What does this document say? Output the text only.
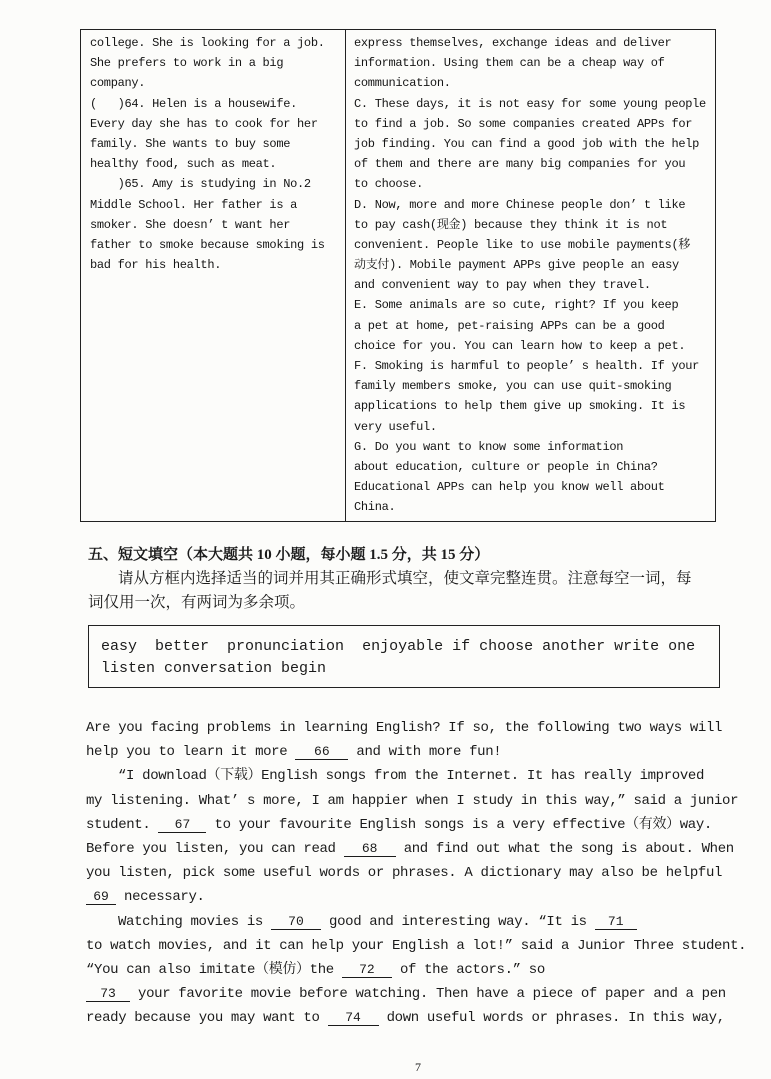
college. She is looking for a job.
She prefers to work in a big
company.
(   )64. Helen is a housewife.
Every day she has to cook for her
family. She wants to buy some
healthy food, such as meat.
)65. Amy is studying in No.2
Middle School. Her father is a
smoker. She doesn’ t want her
father to smoke because smoking is
bad for his health.
express themselves, exchange ideas and deliver
information. Using them can be a cheap way of
communication.
C. These days, it is not easy for some young people
to find a job. So some companies created APPs for
job finding. You can find a good job with the help
of them and there are many big companies for you
to choose.
D. Now, more and more Chinese people don’ t like
to pay cash(现金) because they think it is not
convenient. People like to use mobile payments(移
动支付). Mobile payment APPs give people an easy
and convenient way to pay when they travel.
E. Some animals are so cute, right? If you keep
a pet at home, pet-raising APPs can be a good
choice for you. You can learn how to keep a pet.
F. Smoking is harmful to people’ s health. If your
family members smoke, you can use quit-smoking
applications to help them give up smoking. It is
very useful.
G. Do you want to know some information
about education, culture or people in China?
Educational APPs can help you know well about
China.
五、短文填空（本大题共 10 小题，每小题 1.5 分，共 15 分）
请从方框内选择适当的词并用其正确形式填空，使文章完整连贯。注意每空一词，每
词仅用一次，有两词为多余项。
easy better pronunciation enjoyable if choose another write one
listen conversation begin
Are you facing problems in learning English? If so, the following two ways will
help you to learn it more 66 and with more fun!
“I download（下载）English songs from the Internet. It has really improved
my listening. What’ s more, I am happier when I study in this way,” said a junior
student. 67 to your favourite English songs is a very effective（有效）way.
Before you listen, you can read 68 and find out what the song is about. When
you listen, pick some useful words or phrases. A dictionary may also be helpful
69 necessary.
Watching movies is 70 good and interesting way. “It is 71
to watch movies, and it can help your English a lot!” said a Junior Three student.
“You can also imitate（模仿）the 72 of the actors.” so
73 your favorite movie before watching. Then have a piece of paper and a pen
ready because you may want to 74 down useful words or phrases. In this way,
7
